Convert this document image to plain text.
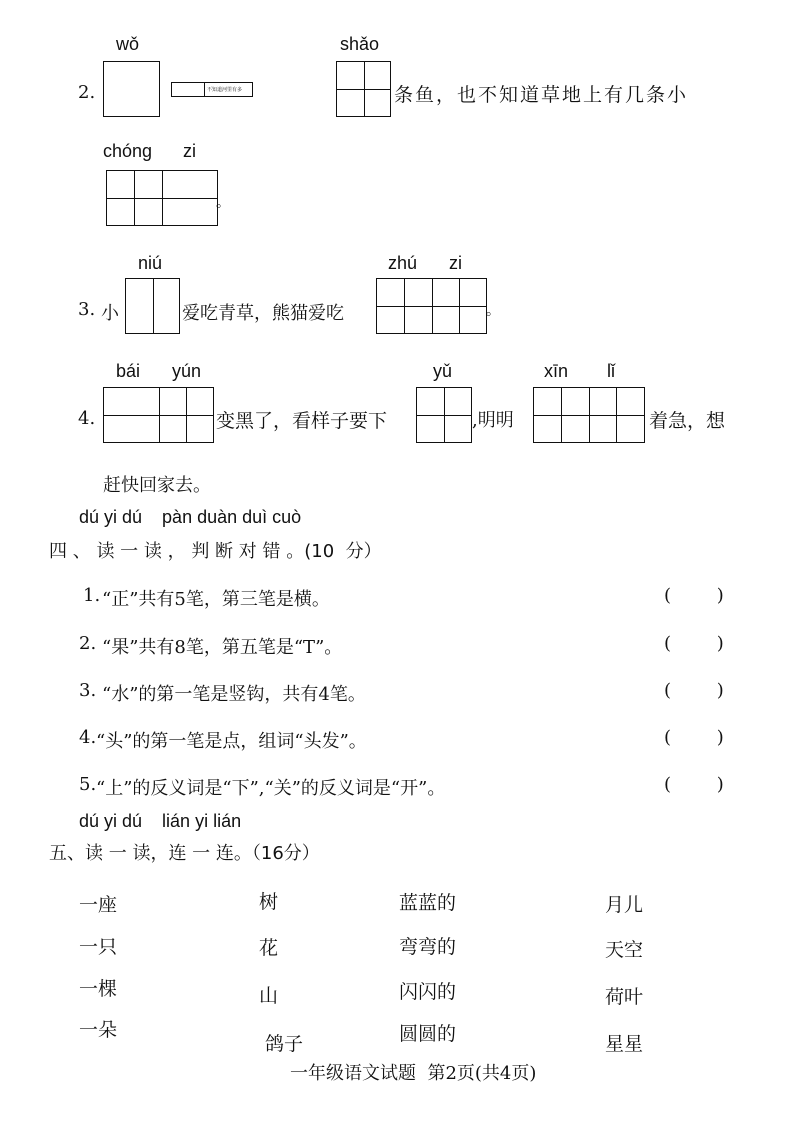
wǒ	shǎo
2.	不知道河里有多	条鱼，也不知道草地上有几条小
chóng zi
。
niú	zhú zi
3. 小	爱吃青草，熊猫爱吃	。
bái yún	yǔ	xīn lǐ
4.	变黑了，看样子要下	,明明	着急，想
赶快回家去。
dú yi dú    pàn duàn duì cuò
四 、 读 一 读 ， 判 断 对 错 。(10  分）
1. “正”共有5笔，第三笔是横。	(        )
2. “果”共有8笔，第五笔是“T”。	(        )
3. “水”的第一笔是竖钩，共有4笔。	(        )
4. “头”的第一笔是点，组词“头发”。	(        )
5. “上”的反义词是“下”,“关”的反义词是“开”。	(        )
dú yi dú    lián yi lián
五、读 一 读，连 一 连。（16分）
一座
一只
一棵
一朵
树
花
山
鸽子
蓝蓝的
弯弯的
闪闪的
圆圆的
月儿
天空
荷叶
星星
一年级语文试题  第2页(共4页)
